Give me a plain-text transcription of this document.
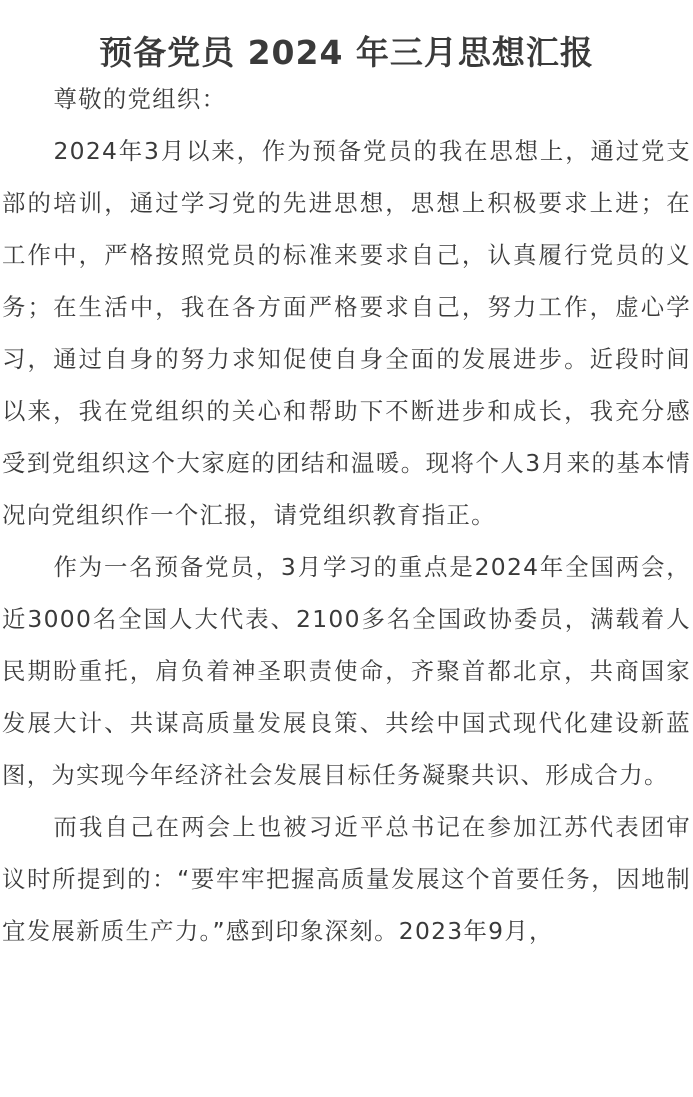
预备党员 2024 年三月思想汇报

尊敬的党组织：

2024年3月以来，作为预备党员的我在思想上，通过党支部的培训，通过学习党的先进思想，思想上积极要求上进；在工作中，严格按照党员的标准来要求自己，认真履行党员的义务；在生活中，我在各方面严格要求自己，努力工作，虚心学习，通过自身的努力求知促使自身全面的发展进步。近段时间以来，我在党组织的关心和帮助下不断进步和成长，我充分感受到党组织这个大家庭的团结和温暖。现将个人3月来的基本情况向党组织作一个汇报，请党组织教育指正。

作为一名预备党员，3月学习的重点是2024年全国两会，近3000名全国人大代表、2100多名全国政协委员，满载着人民期盼重托，肩负着神圣职责使命，齐聚首都北京，共商国家发展大计、共谋高质量发展良策、共绘中国式现代化建设新蓝图，为实现今年经济社会发展目标任务凝聚共识、形成合力。

而我自己在两会上也被习近平总书记在参加江苏代表团审议时所提到的：“要牢牢把握高质量发展这个首要任务，因地制宜发展新质生产力。”感到印象深刻。2023年9月，
